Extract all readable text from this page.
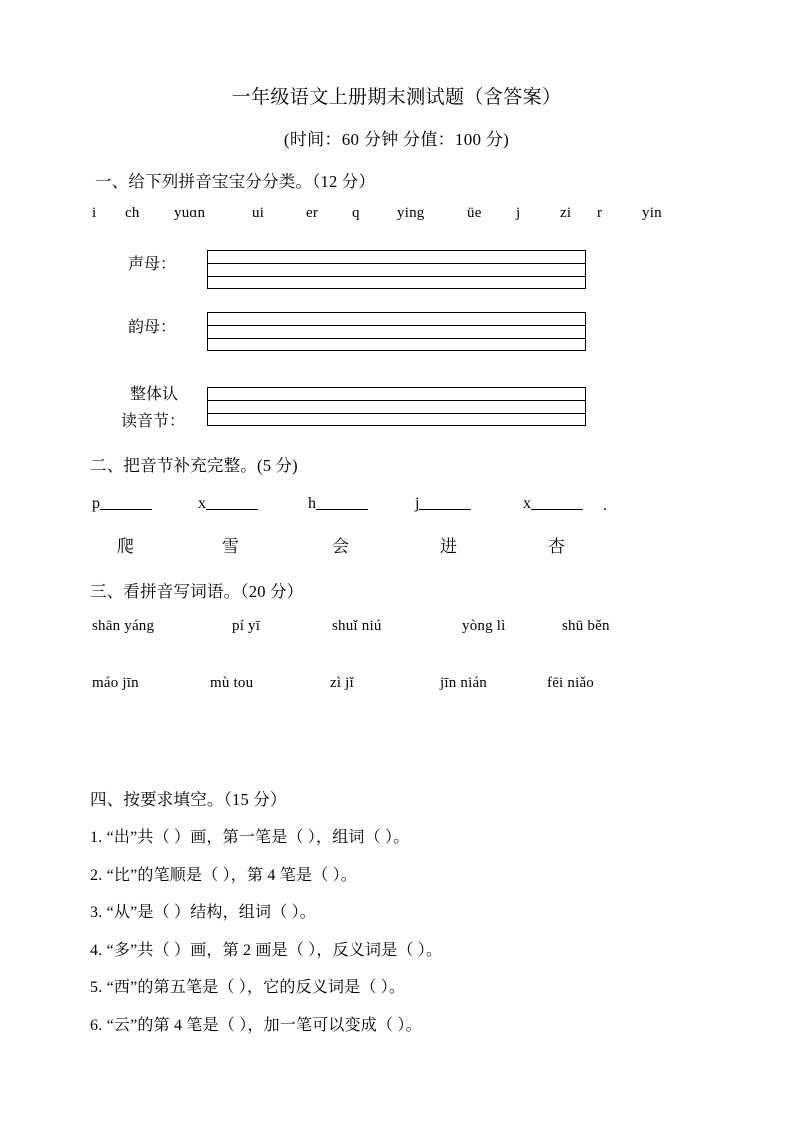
一年级语文上册期末测试题（含答案）
(时间：60 分钟 分值：100 分)
一、给下列拼音宝宝分分类。（12 分）
i ch yuɑn	ui	er q ying	üe j	zi r	yin
声母：
韵母：
整体认
读音节：
二、把音节补充完整。(5 分)
p	x	h	j	x
爬	雪	会	进	杏
.
三、看拼音写词语。（20 分）
shān yáng	pí yī	shuǐ niú	yòng lì	shū běn
máo jīn	mù tou	zì jǐ	jīn nián	fēi niǎo
四、按要求填空。（15 分）
1. “出”共（ ）画，第一笔是（ ），组词（ ）。
2. “比”的笔顺是（ ），第 4 笔是（ ）。
3. “从”是（ ）结构，组词（ ）。
4. “多”共（ ）画，第 2 画是（ ），反义词是（ ）。
5. “西”的第五笔是（ ），它的反义词是（ ）。
6. “云”的第 4 笔是（ ），加一笔可以变成（ ）。
